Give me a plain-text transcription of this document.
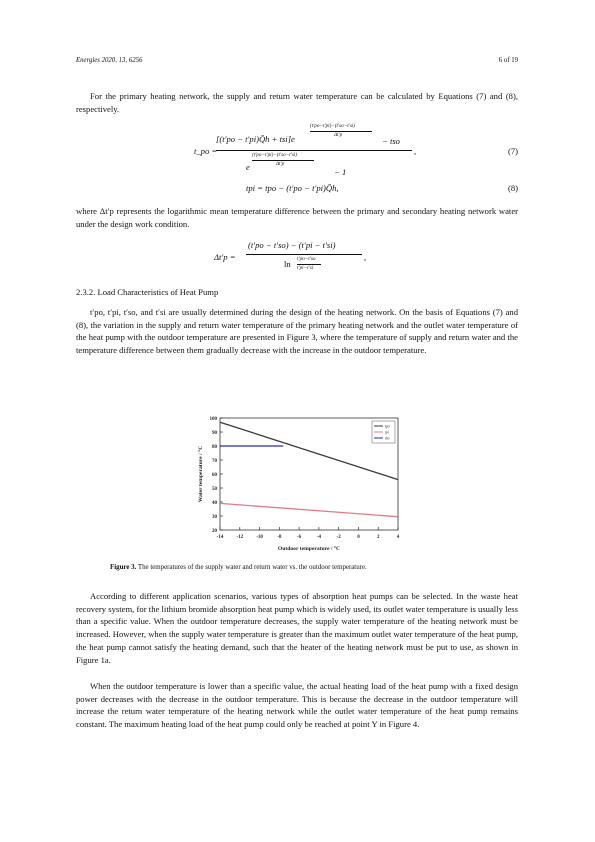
Energies 2020, 13, 6256	6 of 19
For the primary heating network, the supply and return water temperature can be calculated by Equations (7) and (8), respectively.
t_po =
(t′po−t′pi)−(t′so−t′si)
Δt′p
[(t′po − t′pi)Q̄h + tsi]e	− tso
(t′po−t′pi)−(t′so−t′si)
Δt′p
e	− 1
,	(7)
tpi = tpo − (t′po − t′pi)Q̄h,	(8)
where Δt′p represents the logarithmic mean temperature difference between the primary and secondary heating network water under the design work condition.
Δt′p =
(t′po − t′so) − (t′pi − t′si)
ln t′po−t′so
t′pi−t′si
,
2.3.2. Load Characteristics of Heat Pump
t′po, t′pi, t′so, and t′si are usually determined during the design of the heating network. On the basis of Equations (7) and (8), the variation in the supply and return water temperature of the primary heating network and the outlet water temperature of the heat pump with the outdoor temperature are presented in Figure 3, where the temperature of supply and return water and the temperature difference between them gradually decrease with the increase in the outdoor temperature.
-14	-12	-10	-8	-6	-4	-2	0	2	4
20
30
40
50
60
70
80
90
100
tpo
tpi
tho
Outdoor temperature / °C
Water temperature / °C
Figure 3. The temperatures of the supply water and return water vs. the outdoor temperature.
According to different application scenarios, various types of absorption heat pumps can be selected. In the waste heat recovery system, for the lithium bromide absorption heat pump which is widely used, its outlet water temperature is usually less than a specific value. When the outdoor temperature decreases, the supply water temperature of the heating network must be increased. However, when the supply water temperature is greater than the maximum outlet water temperature of the heat pump, the heat pump cannot satisfy the heating demand, such that the heater of the heating network must be put to use, as shown in Figure 1a.
When the outdoor temperature is lower than a specific value, the actual heating load of the heat pump with a fixed design power decreases with the decrease in the outdoor temperature. This is because the decrease in the outdoor temperature will increase the return water temperature of the heating network while the outlet water temperature of the heat pump remains constant. The maximum heating load of the heat pump could only be reached at point Y in Figure 4.
